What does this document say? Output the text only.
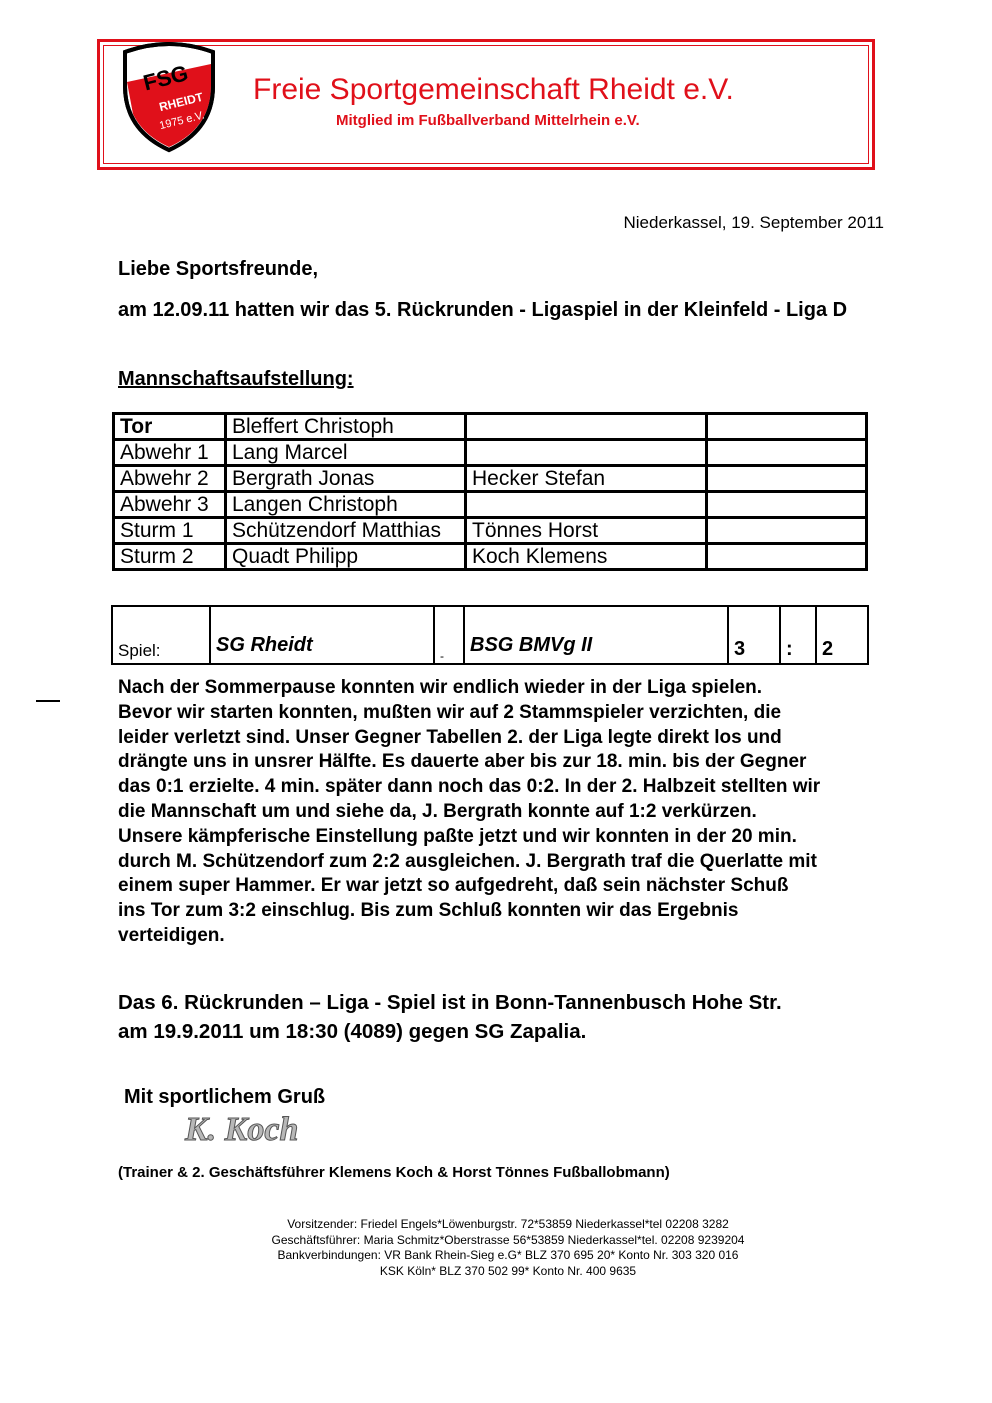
FSG
RHEIDT
1975 e.V.
Freie Sportgemeinschaft Rheidt e.V.
Mitglied im Fußballverband Mittelrhein e.V.
Niederkassel, 19. September 2011
Liebe Sportsfreunde,
am 12.09.11 hatten wir das 5. Rückrunden - Ligaspiel in der Kleinfeld - Liga D
Mannschaftsaufstellung:
Tor	Bleffert Christoph		
Abwehr 1	Lang Marcel		
Abwehr 2	Bergrath Jonas	Hecker Stefan	
Abwehr 3	Langen Christoph		
Sturm 1	Schützendorf Matthias	Tönnes Horst	
Sturm 2	Quadt Philipp	Koch Klemens	
Spiel:	SG Rheidt	-	BSG BMVg II	3	:	2
Nach der Sommerpause konnten wir endlich wieder in der Liga spielen.
Bevor wir starten konnten, mußten wir auf 2 Stammspieler verzichten, die
leider verletzt sind. Unser Gegner Tabellen 2. der Liga legte direkt los und
drängte uns in unsrer Hälfte. Es dauerte aber bis zur 18. min. bis der Gegner
das 0:1 erzielte. 4 min. später dann noch das 0:2. In der 2. Halbzeit stellten wir
die Mannschaft um und siehe da, J. Bergrath konnte auf 1:2 verkürzen.
Unsere kämpferische Einstellung paßte jetzt und wir konnten in der 20 min.
durch M. Schützendorf zum 2:2 ausgleichen. J. Bergrath traf die Querlatte mit
einem super Hammer. Er war jetzt so aufgedreht, daß sein nächster Schuß
ins Tor zum 3:2 einschlug. Bis zum Schluß konnten wir das Ergebnis
verteidigen.
Das 6. Rückrunden – Liga - Spiel ist in Bonn-Tannenbusch Hohe Str.
am 19.9.2011 um 18:30 (4089) gegen SG Zapalia.
Mit sportlichem Gruß
K. Koch
(Trainer & 2. Geschäftsführer Klemens Koch & Horst Tönnes Fußballobmann)
Vorsitzender: Friedel Engels*Löwenburgstr. 72*53859 Niederkassel*tel 02208 3282
Geschäftsführer: Maria Schmitz*Oberstrasse 56*53859 Niederkassel*tel. 02208 9239204
Bankverbindungen: VR Bank Rhein-Sieg e.G* BLZ 370 695 20* Konto Nr. 303 320 016
KSK Köln* BLZ 370 502 99* Konto Nr. 400 9635
